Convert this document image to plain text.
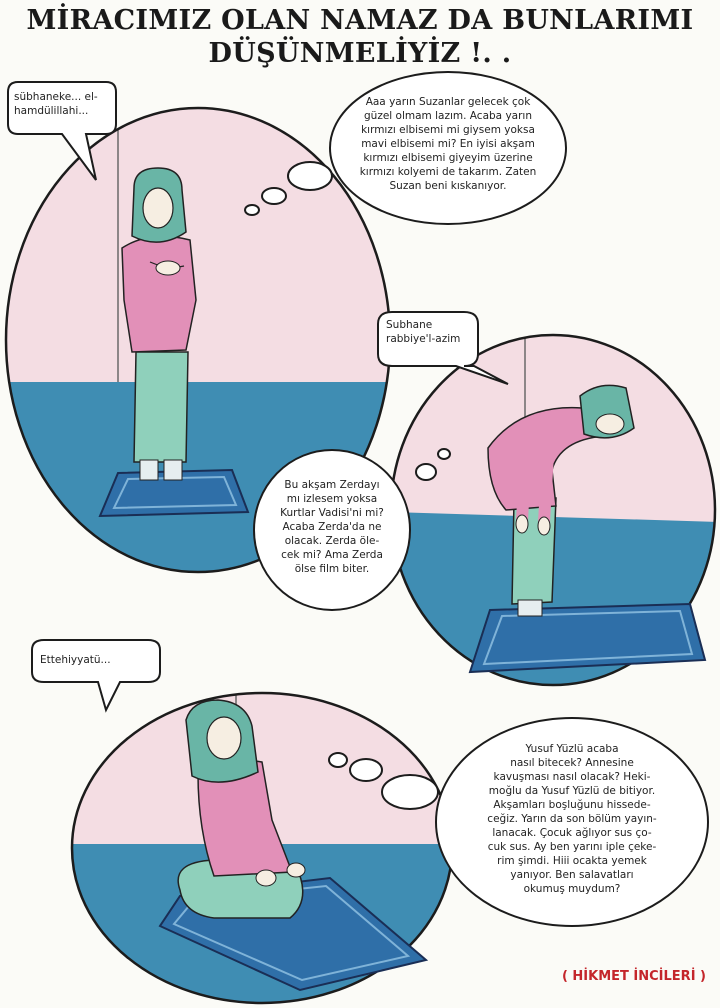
MİRACIMIZ OLAN NAMAZ DA BUNLARIMI
DÜŞÜNMELİYİZ !. .
sübhaneke... el-
hamdülillahi...
Aaa yarın Suzanlar gelecek çok
güzel olmam lazım. Acaba yarın
kırmızı elbisemi mi giysem yoksa
mavi elbisemi mi? En iyisi akşam
kırmızı elbisemi giyeyim üzerine
kırmızı kolyemi de takarım. Zaten
Suzan beni kıskanıyor.
Subhane
rabbiye'l-azim
Bu akşam Zerdayı
mı izlesem yoksa
Kurtlar Vadisi'ni mi?
Acaba Zerda'da ne
olacak. Zerda öle-
cek mi? Ama Zerda
ölse film biter.
Ettehiyyatü...
Yusuf Yüzlü acaba
nasıl bitecek? Annesine
kavuşması nasıl olacak? Heki-
moğlu da Yusuf Yüzlü de bitiyor.
Akşamları boşluğunu hissede-
ceğiz. Yarın da son bölüm yayın-
lanacak. Çocuk ağlıyor sus ço-
cuk sus. Ay ben yarını iple çeke-
rim şimdi. Hiii ocakta yemek
yanıyor. Ben salavatları
okumuş muydum?
( HİKMET İNCİLERİ )
